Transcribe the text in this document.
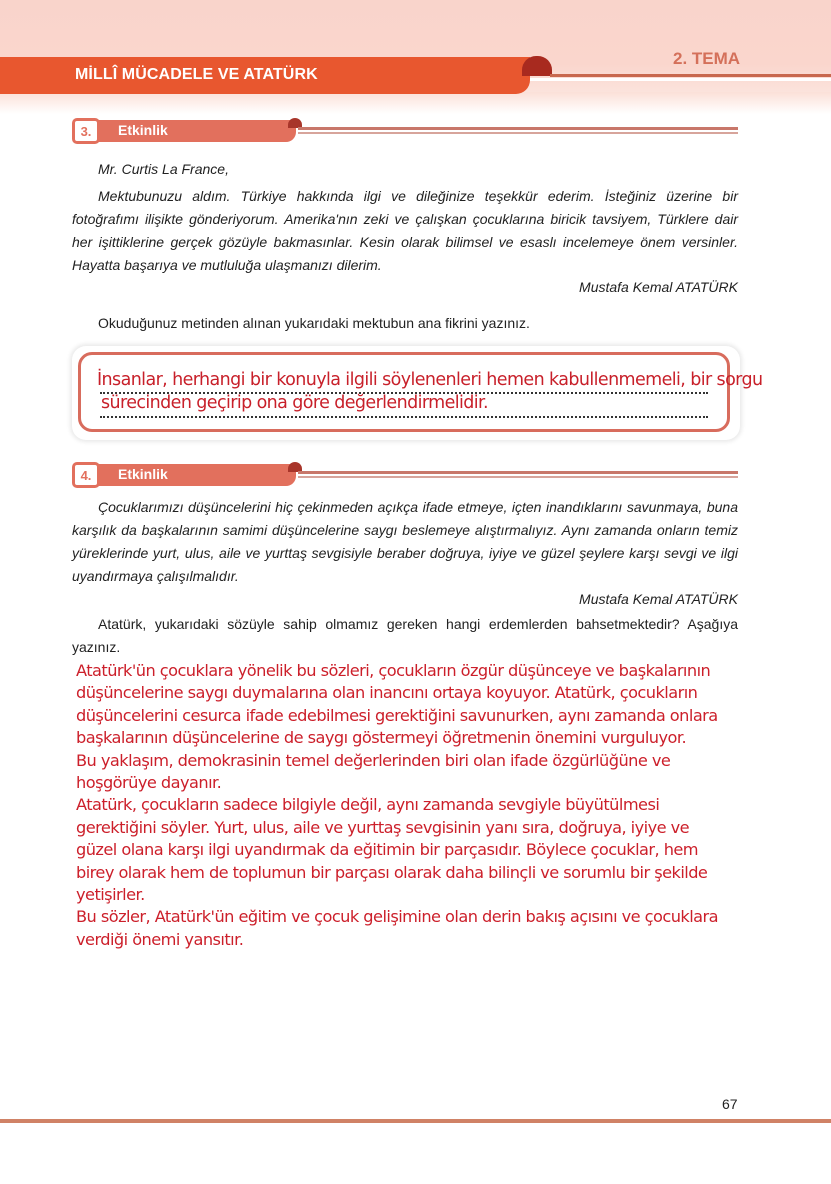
MİLLÎ MÜCADELE VE ATATÜRK
2. TEMA
3.	Etkinlik
Mr. Curtis La France,

Mektubunuzu aldım. Türkiye hakkında ilgi ve dileğinize teşekkür ederim. İsteğiniz üzerine bir fotoğrafımı ilişikte gönderiyorum. Amerika'nın zeki ve çalışkan çocuklarına biricik tavsiyem, Türklere dair her işittiklerine gerçek gözüyle bakmasınlar. Kesin olarak bilimsel ve esaslı incelemeye önem versinler. Hayatta başarıya ve mutluluğa ulaşmanızı dilerim.

Mustafa Kemal ATATÜRK

Okuduğunuz metinden alınan yukarıdaki mektubun ana fikrini yazınız.

İnsanlar, herhangi bir konuyla ilgili söylenenleri hemen kabullenmemeli, bir sorgu
sürecinden geçirip ona göre değerlendirmelidir.
4.	Etkinlik

Çocuklarımızı düşüncelerini hiç çekinmeden açıkça ifade etmeye, içten inandıklarını savunmaya, buna karşılık da başkalarının samimi düşüncelerine saygı beslemeye alıştırmalıyız. Aynı zamanda onların temiz yüreklerinde yurt, ulus, aile ve yurttaş sevgisiyle beraber doğruya, iyiye ve güzel şeylere karşı sevgi ve ilgi uyandırmaya çalışılmalıdır.

Mustafa Kemal ATATÜRK

Atatürk, yukarıdaki sözüyle sahip olmamız gereken hangi erdemlerden bahsetmektedir? Aşağıya yazınız.

Atatürk'ün çocuklara yönelik bu sözleri, çocukların özgür düşünceye ve başkalarının
düşüncelerine saygı duymalarına olan inancını ortaya koyuyor. Atatürk, çocukların
düşüncelerini cesurca ifade edebilmesi gerektiğini savunurken, aynı zamanda onlara
başkalarının düşüncelerine de saygı göstermeyi öğretmenin önemini vurguluyor.
Bu yaklaşım, demokrasinin temel değerlerinden biri olan ifade özgürlüğüne ve
hoşgörüye dayanır.
Atatürk, çocukların sadece bilgiyle değil, aynı zamanda sevgiyle büyütülmesi
gerektiğini söyler. Yurt, ulus, aile ve yurttaş sevgisinin yanı sıra, doğruya, iyiye ve
güzel olana karşı ilgi uyandırmak da eğitimin bir parçasıdır. Böylece çocuklar, hem
birey olarak hem de toplumun bir parçası olarak daha bilinçli ve sorumlu bir şekilde
yetişirler.
Bu sözler, Atatürk'ün eğitim ve çocuk gelişimine olan derin bakış açısını ve çocuklara
verdiği önemi yansıtır.
67
